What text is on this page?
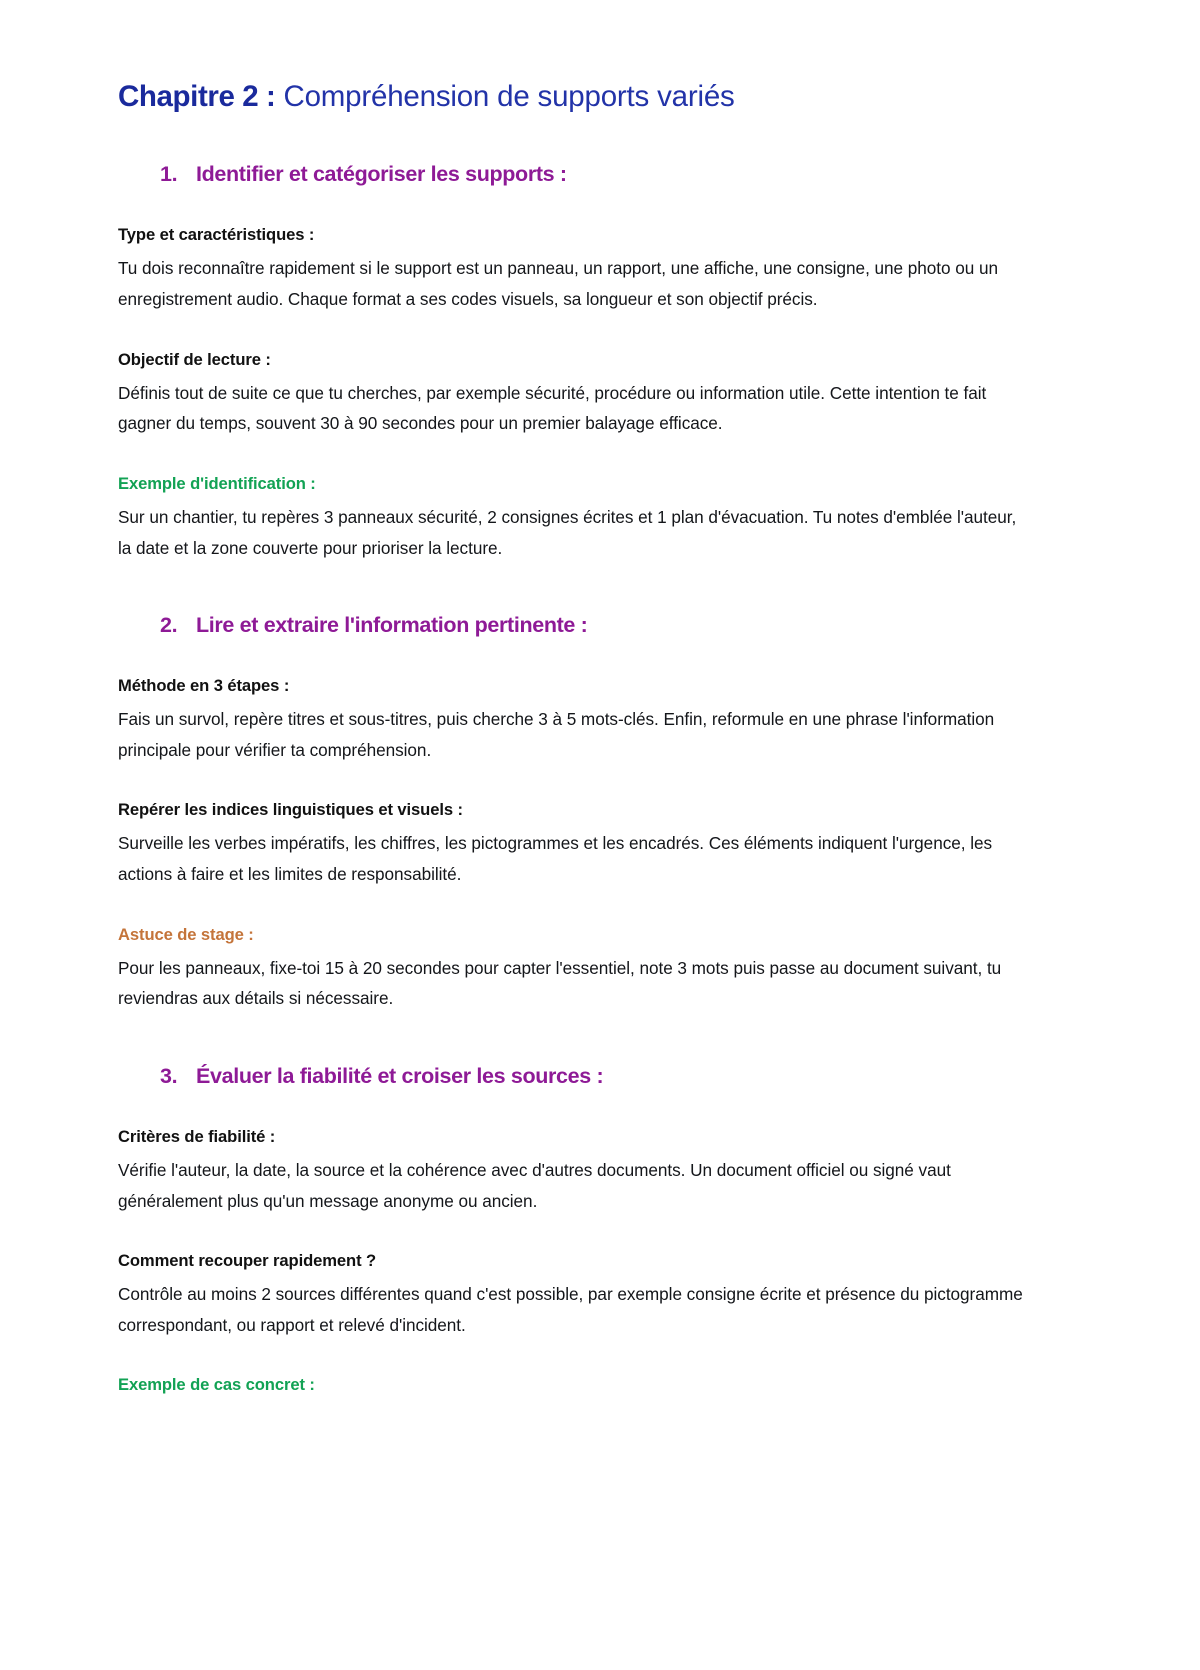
Chapitre 2 : Compréhension de supports variés
1. Identifier et catégoriser les supports :
Type et caractéristiques :

Tu dois reconnaître rapidement si le support est un panneau, un rapport, une affiche, une consigne, une photo ou un enregistrement audio. Chaque format a ses codes visuels, sa longueur et son objectif précis.

Objectif de lecture :

Définis tout de suite ce que tu cherches, par exemple sécurité, procédure ou information utile. Cette intention te fait gagner du temps, souvent 30 à 90 secondes pour un premier balayage efficace.

Exemple d'identification :

Sur un chantier, tu repères 3 panneaux sécurité, 2 consignes écrites et 1 plan d'évacuation. Tu notes d'emblée l'auteur, la date et la zone couverte pour prioriser la lecture.

2. Lire et extraire l'information pertinente :
Méthode en 3 étapes :

Fais un survol, repère titres et sous-titres, puis cherche 3 à 5 mots-clés. Enfin, reformule en une phrase l'information principale pour vérifier ta compréhension.

Repérer les indices linguistiques et visuels :

Surveille les verbes impératifs, les chiffres, les pictogrammes et les encadrés. Ces éléments indiquent l'urgence, les actions à faire et les limites de responsabilité.

Astuce de stage :

Pour les panneaux, fixe-toi 15 à 20 secondes pour capter l'essentiel, note 3 mots puis passe au document suivant, tu reviendras aux détails si nécessaire.

3. Évaluer la fiabilité et croiser les sources :
Critères de fiabilité :

Vérifie l'auteur, la date, la source et la cohérence avec d'autres documents. Un document officiel ou signé vaut généralement plus qu'un message anonyme ou ancien.

Comment recouper rapidement ?

Contrôle au moins 2 sources différentes quand c'est possible, par exemple consigne écrite et présence du pictogramme correspondant, ou rapport et relevé d'incident.

Exemple de cas concret :
